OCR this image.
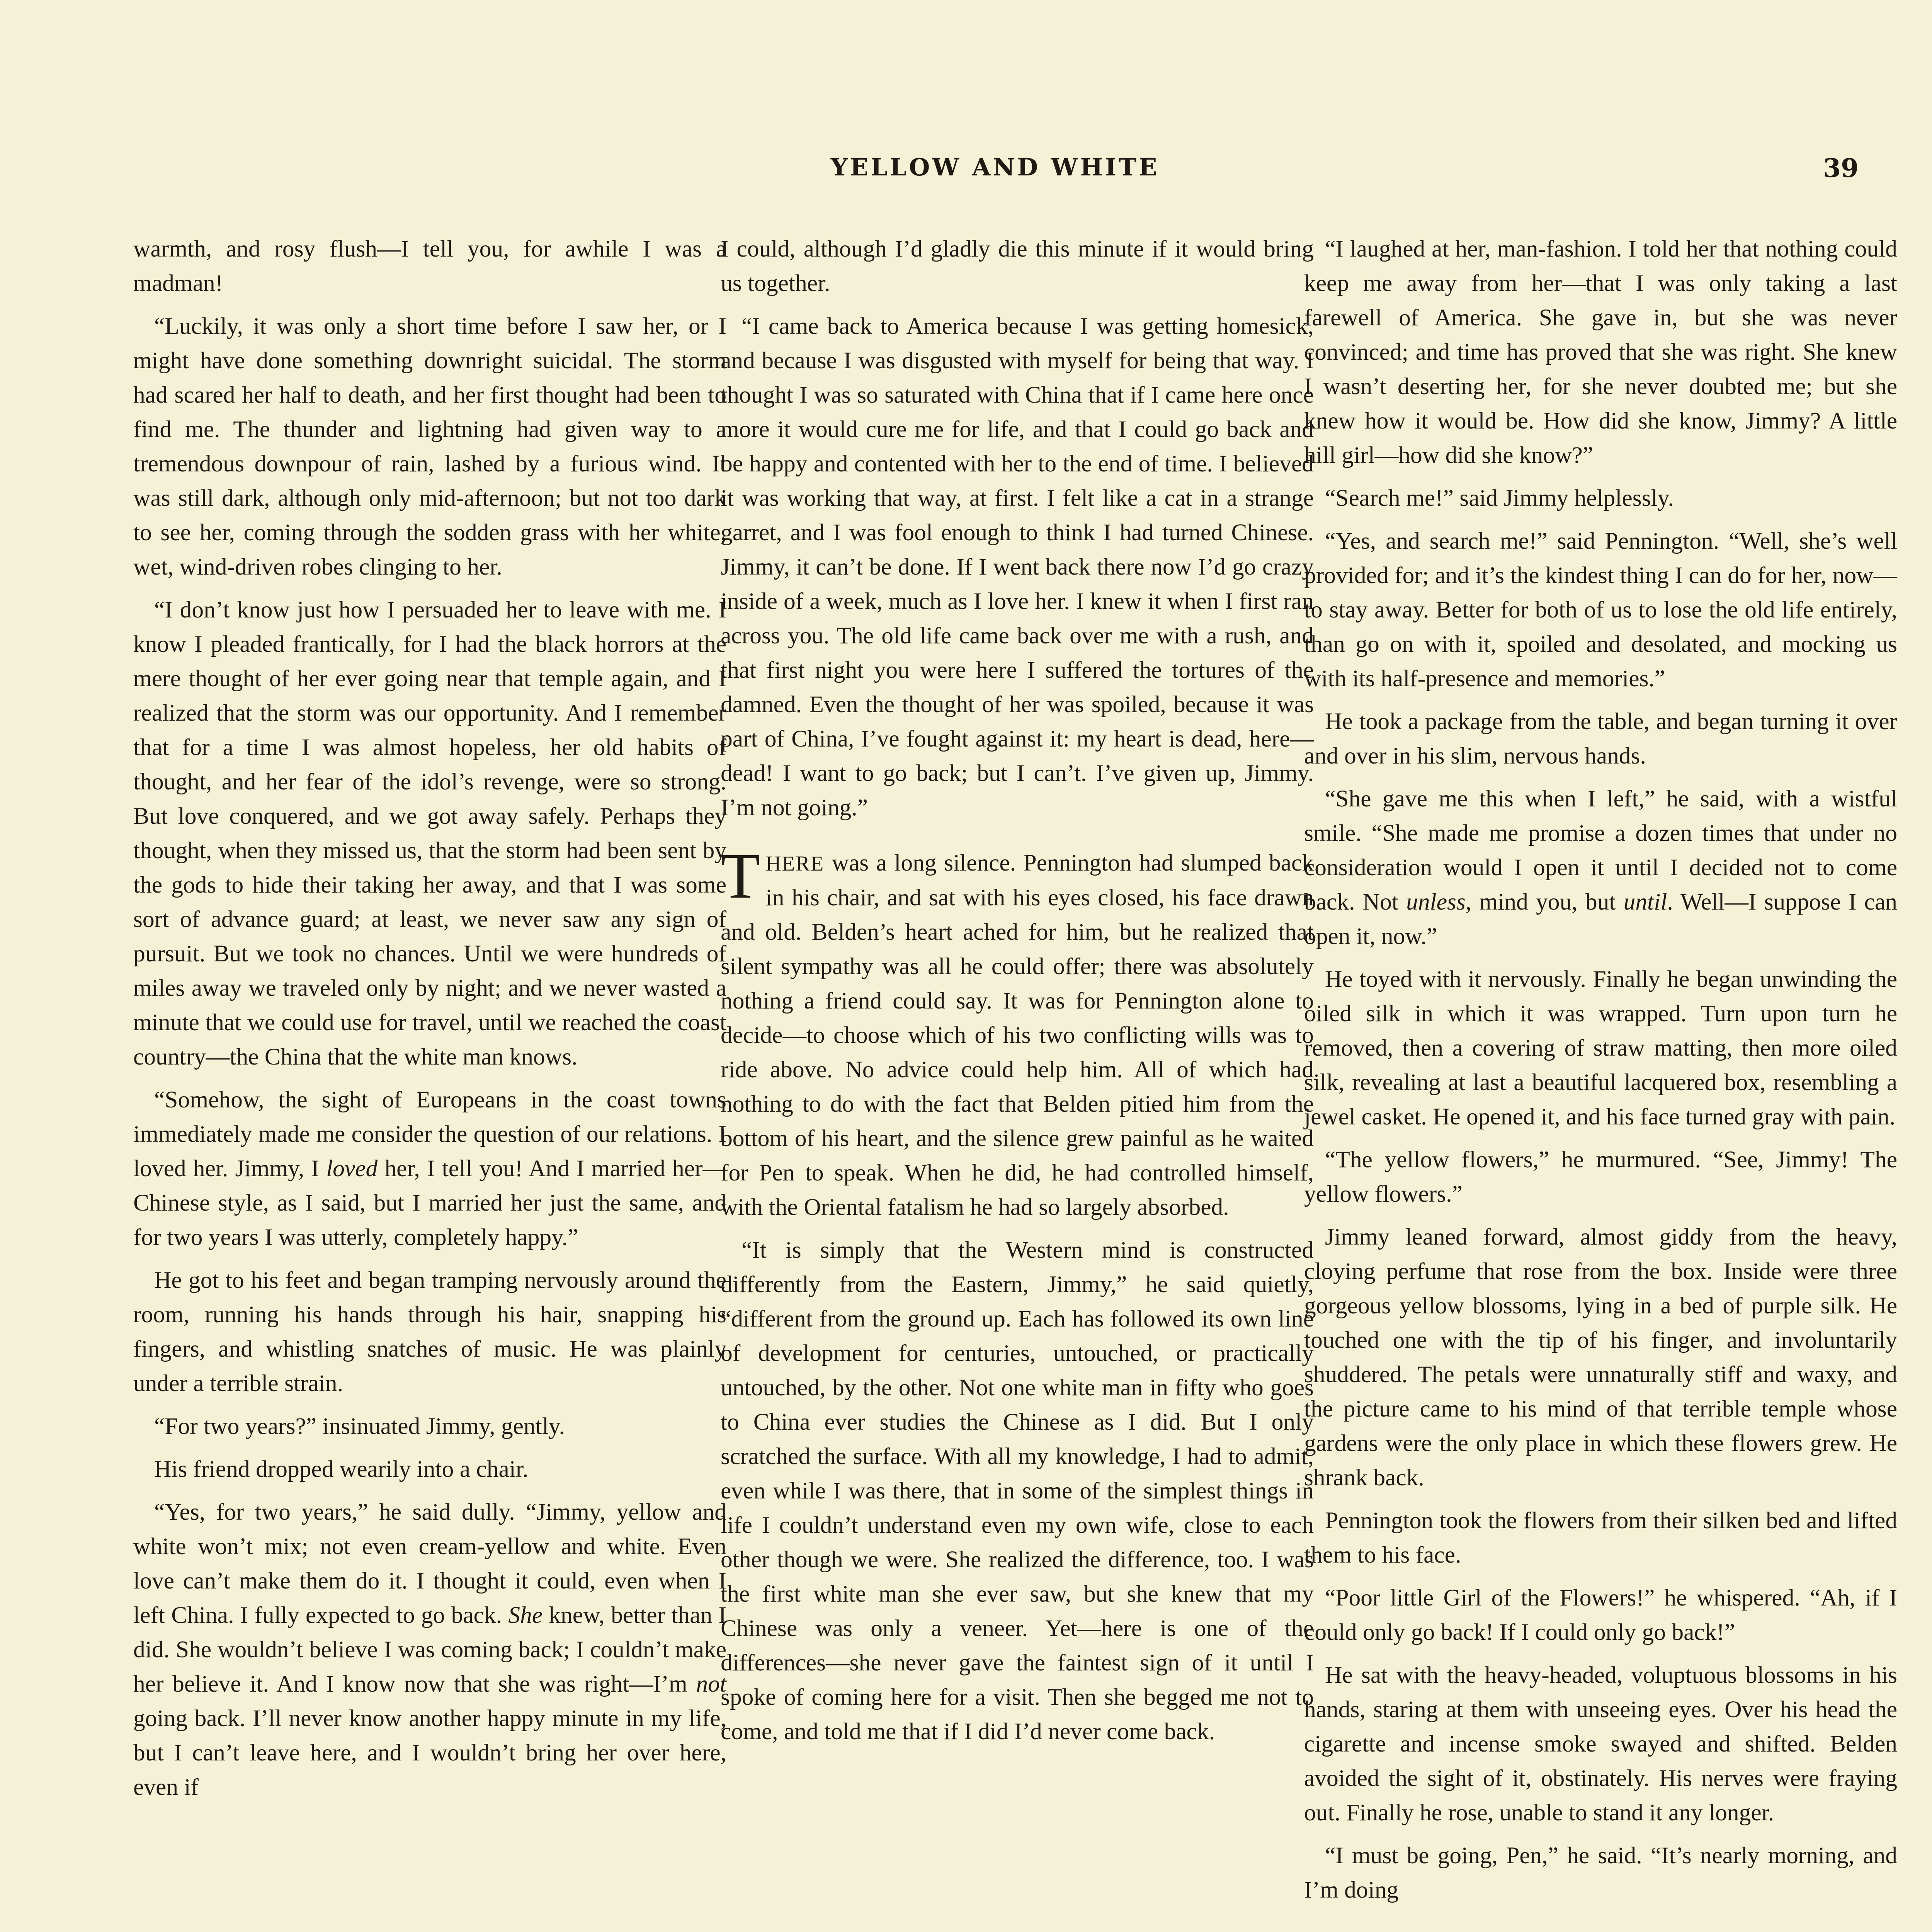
YELLOW AND WHITE	39

warmth, and rosy flush—I tell you, for awhile I was a madman!

“Luckily, it was only a short time before I saw her, or I might have done something downright suicidal. The storm had scared her half to death, and her first thought had been to find me. The thunder and lightning had given way to a tremendous downpour of rain, lashed by a furious wind. It was still dark, although only mid-afternoon; but not too dark to see her, coming through the sodden grass with her white, wet, wind-driven robes clinging to her.

“I don’t know just how I persuaded her to leave with me. I know I pleaded frantically, for I had the black horrors at the mere thought of her ever going near that temple again, and I realized that the storm was our opportunity. And I remember that for a time I was almost hopeless, her old habits of thought, and her fear of the idol’s revenge, were so strong. But love conquered, and we got away safely. Perhaps they thought, when they missed us, that the storm had been sent by the gods to hide their taking her away, and that I was some sort of advance guard; at least, we never saw any sign of pursuit. But we took no chances. Until we were hundreds of miles away we traveled only by night; and we never wasted a minute that we could use for travel, until we reached the coast country—the China that the white man knows.

“Somehow, the sight of Europeans in the coast towns immediately made me consider the question of our relations. I loved her. Jimmy, I loved her, I tell you! And I married her—Chinese style, as I said, but I married her just the same, and for two years I was utterly, completely happy.”

He got to his feet and began tramping nervously around the room, running his hands through his hair, snapping his fingers, and whistling snatches of music. He was plainly under a terrible strain.

“For two years?” insinuated Jimmy, gently.

His friend dropped wearily into a chair.

“Yes, for two years,” he said dully. “Jimmy, yellow and white won’t mix; not even cream-yellow and white. Even love can’t make them do it. I thought it could, even when I left China. I fully expected to go back. She knew, better than I did. She wouldn’t believe I was coming back; I couldn’t make her believe it. And I know now that she was right—I’m not going back. I’ll never know another happy minute in my life, but I can’t leave here, and I wouldn’t bring her over here, even if

I could, although I’d gladly die this minute if it would bring us together.

“I came back to America because I was getting homesick, and because I was disgusted with myself for being that way. I thought I was so saturated with China that if I came here once more it would cure me for life, and that I could go back and be happy and contented with her to the end of time. I believed it was working that way, at first. I felt like a cat in a strange garret, and I was fool enough to think I had turned Chinese. Jimmy, it can’t be done. If I went back there now I’d go crazy inside of a week, much as I love her. I knew it when I first ran across you. The old life came back over me with a rush, and that first night you were here I suffered the tortures of the damned. Even the thought of her was spoiled, because it was part of China, I’ve fought against it: my heart is dead, here—dead! I want to go back; but I can’t. I’ve given up, Jimmy. I’m not going.”

THERE was a long silence. Pennington had slumped back in his chair, and sat with his eyes closed, his face drawn and old. Belden’s heart ached for him, but he realized that silent sympathy was all he could offer; there was absolutely nothing a friend could say. It was for Pennington alone to decide—to choose which of his two conflicting wills was to ride above. No advice could help him. All of which had nothing to do with the fact that Belden pitied him from the bottom of his heart, and the silence grew painful as he waited for Pen to speak. When he did, he had controlled himself, with the Oriental fatalism he had so largely absorbed.

“It is simply that the Western mind is constructed differently from the Eastern, Jimmy,” he said quietly, “different from the ground up. Each has followed its own line of development for centuries, untouched, or practically untouched, by the other. Not one white man in fifty who goes to China ever studies the Chinese as I did. But I only scratched the surface. With all my knowledge, I had to admit, even while I was there, that in some of the simplest things in life I couldn’t understand even my own wife, close to each other though we were. She realized the difference, too. I was the first white man she ever saw, but she knew that my Chinese was only a veneer. Yet—here is one of the differences—she never gave the faintest sign of it until I spoke of coming here for a visit. Then she begged me not to come, and told me that if I did I’d never come back.

“I laughed at her, man-fashion. I told her that nothing could keep me away from her—that I was only taking a last farewell of America. She gave in, but she was never convinced; and time has proved that she was right. She knew I wasn’t deserting her, for she never doubted me; but she knew how it would be. How did she know, Jimmy? A little hill girl—how did she know?”

“Search me!” said Jimmy helplessly.

“Yes, and search me!” said Pennington. “Well, she’s well provided for; and it’s the kindest thing I can do for her, now—to stay away. Better for both of us to lose the old life entirely, than go on with it, spoiled and desolated, and mocking us with its half-presence and memories.”

He took a package from the table, and began turning it over and over in his slim, nervous hands.

“She gave me this when I left,” he said, with a wistful smile. “She made me promise a dozen times that under no consideration would I open it until I decided not to come back. Not unless, mind you, but until. Well—I suppose I can open it, now.”

He toyed with it nervously. Finally he began unwinding the oiled silk in which it was wrapped. Turn upon turn he removed, then a covering of straw matting, then more oiled silk, revealing at last a beautiful lacquered box, resembling a jewel casket. He opened it, and his face turned gray with pain.

“The yellow flowers,” he murmured. “See, Jimmy! The yellow flowers.”

Jimmy leaned forward, almost giddy from the heavy, cloying perfume that rose from the box. Inside were three gorgeous yellow blossoms, lying in a bed of purple silk. He touched one with the tip of his finger, and involuntarily shuddered. The petals were unnaturally stiff and waxy, and the picture came to his mind of that terrible temple whose gardens were the only place in which these flowers grew. He shrank back.

Pennington took the flowers from their silken bed and lifted them to his face.

“Poor little Girl of the Flowers!” he whispered. “Ah, if I could only go back! If I could only go back!”

He sat with the heavy-headed, voluptuous blossoms in his hands, staring at them with unseeing eyes. Over his head the cigarette and incense smoke swayed and shifted. Belden avoided the sight of it, obstinately. His nerves were fraying out. Finally he rose, unable to stand it any longer.

“I must be going, Pen,” he said. “It’s nearly morning, and I’m doing
